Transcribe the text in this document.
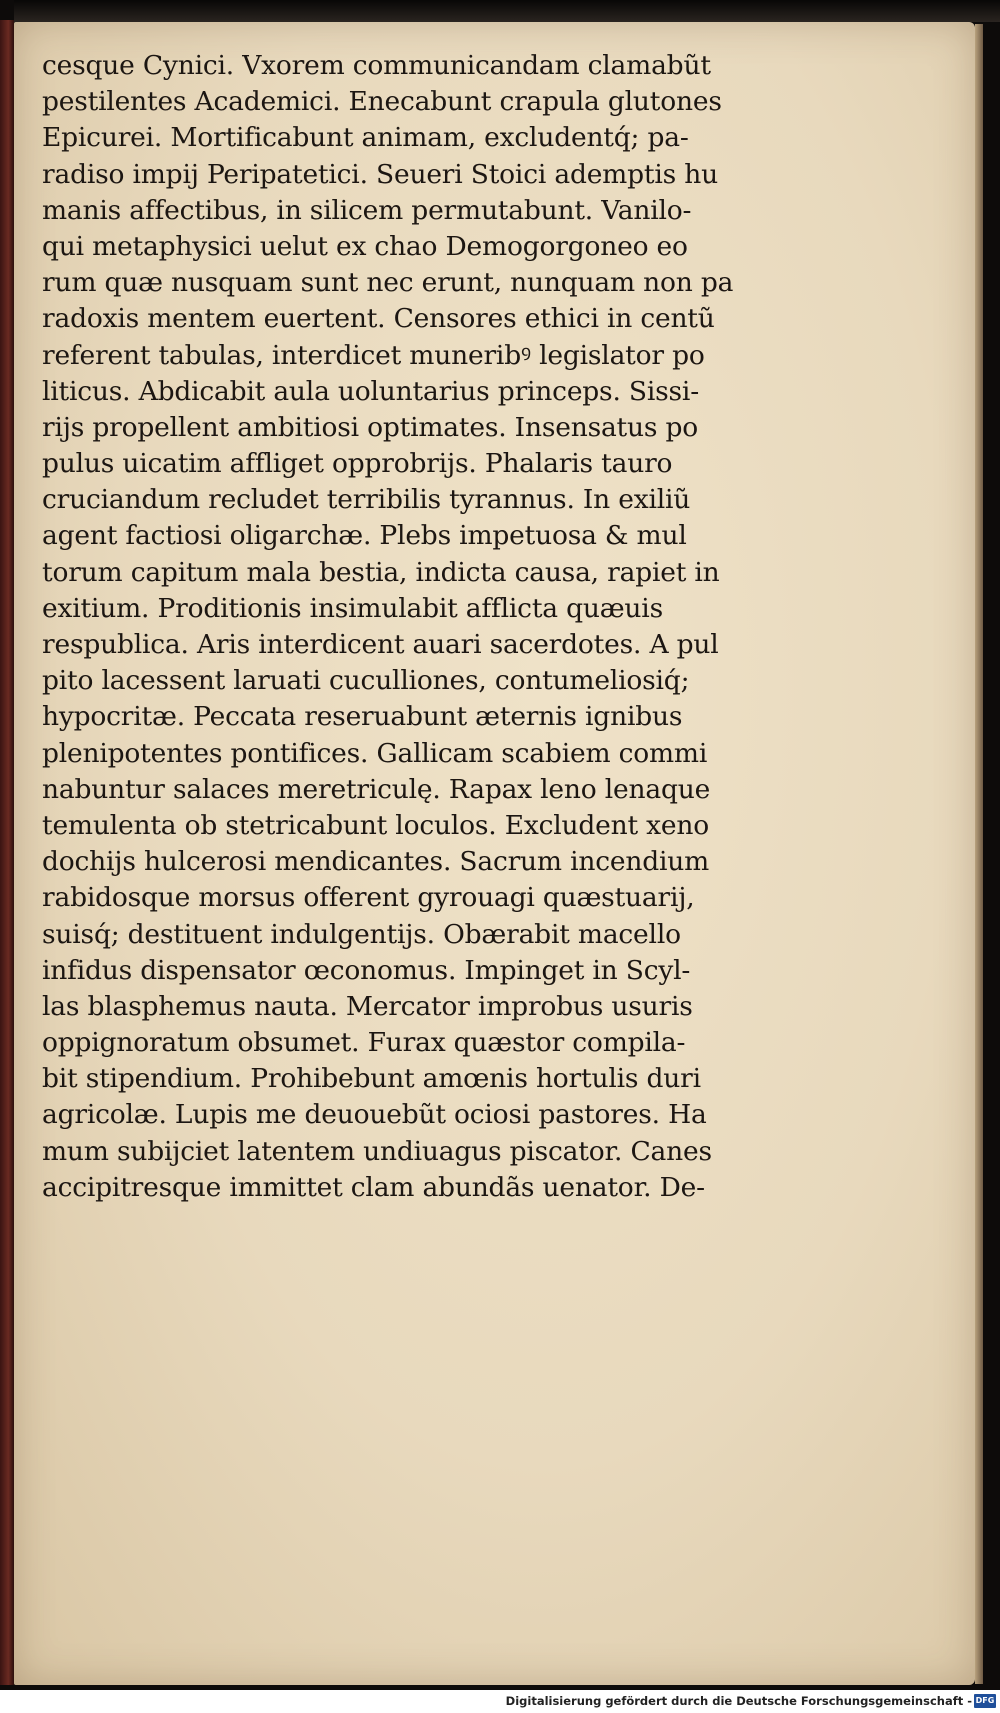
cesque Cynici. Vxorem communicandam clamabũt
pestilentes Academici. Enecabunt crapula glutones
Epicurei. Mortificabunt animam, excludentq́; pa-
radiso impij Peripatetici. Seueri Stoici ademptis hu
manis affectibus, in silicem permutabunt. Vanilo-
qui metaphysici uelut ex chao Demogorgoneo eo
rum quæ nusquam sunt nec erunt, nunquam non pa
radoxis mentem euertent. Censores ethici in centũ
referent tabulas, interdicet muneribꝰ legislator po
liticus. Abdicabit aula uoluntarius princeps. Sissi-
rijs propellent ambitiosi optimates. Insensatus po
pulus uicatim affliget opprobrijs. Phalaris tauro
cruciandum recludet terribilis tyrannus. In exiliũ
agent factiosi oligarchæ. Plebs impetuosa & mul
torum capitum mala bestia, indicta causa, rapiet in
exitium. Proditionis insimulabit afflicta quæuis
respublica. Aris interdicent auari sacerdotes. A pul
pito lacessent laruati cuculliones, contumeliosiq́;
hypocritæ. Peccata reseruabunt æternis ignibus
plenipotentes pontifices. Gallicam scabiem commi
nabuntur salaces meretriculę. Rapax leno lenaque
temulenta ob stetricabunt loculos. Excludent xeno
dochijs hulcerosi mendicantes. Sacrum incendium
rabidosque morsus offerent gyrouagi quæstuarij,
suisq́; destituent indulgentijs. Obærabit macello
infidus dispensator œconomus. Impinget in Scyl-
las blasphemus nauta. Mercator improbus usuris
oppignoratum obsumet. Furax quæstor compila-
bit stipendium. Prohibebunt amœnis hortulis duri
agricolæ. Lupis me deuouebũt ociosi pastores. Ha
mum subijciet latentem undiuagus piscator. Canes
accipitresque immittet clam abundãs uenator. De-
Digitalisierung gefördert durch die Deutsche Forschungsgemeinschaft - DFG
